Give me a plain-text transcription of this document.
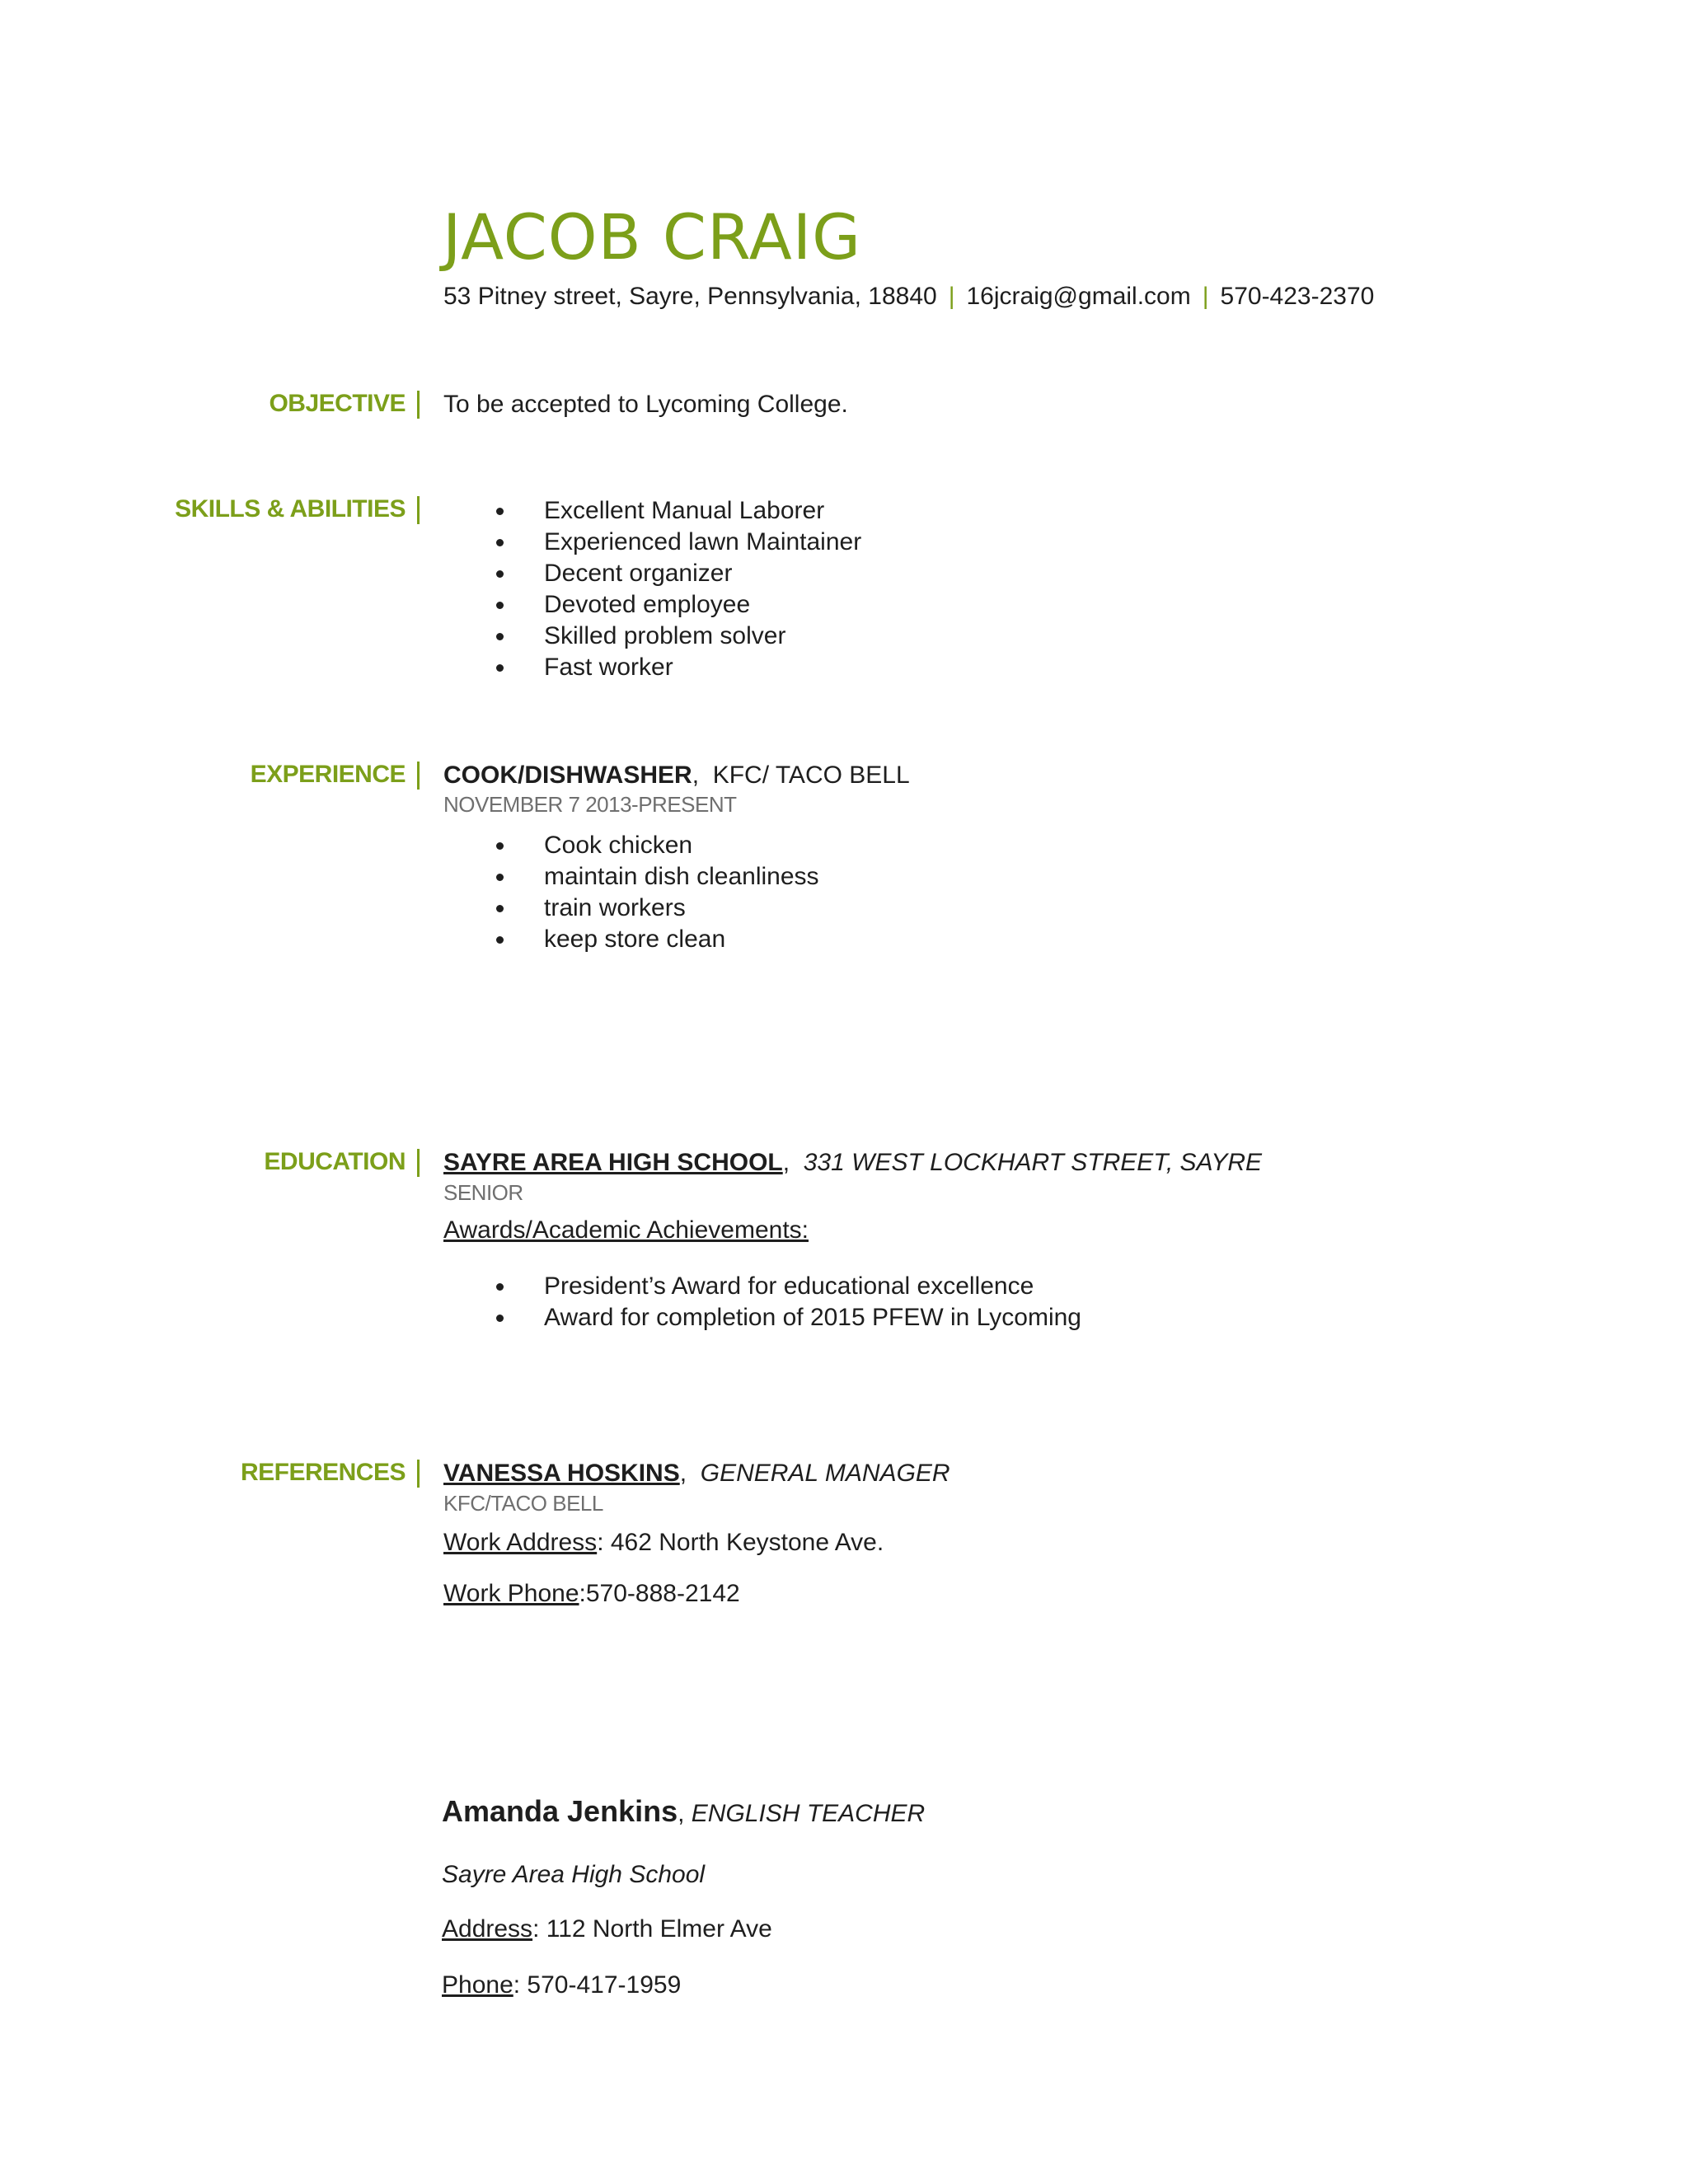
JACOB CRAIG
53 Pitney street, Sayre, Pennsylvania, 18840 | 16jcraig@gmail.com | 570-423-2370
OBJECTIVE To be accepted to Lycoming College.
SKILLS & ABILITIES	Excellent Manual Laborer
Experienced lawn Maintainer
Decent organizer
Devoted employee
Skilled problem solver
Fast worker
EXPERIENCE COOK/DISHWASHER,  KFC/ TACO BELL
NOVEMBER 7 2013-PRESENT
Cook chicken
maintain dish cleanliness
train workers
keep store clean
EDUCATION SAYRE AREA HIGH SCHOOL,  331 WEST LOCKHART STREET, SAYRE
SENIOR
Awards/Academic Achievements:
President’s Award for educational excellence
Award for completion of 2015 PFEW in Lycoming
REFERENCES VANESSA HOSKINS,  GENERAL MANAGER
KFC/TACO BELL
Work Address: 462 North Keystone Ave.
Work Phone:570-888-2142
Amanda Jenkins, ENGLISH TEACHER
Sayre Area High School
Address: 112 North Elmer Ave
Phone: 570-417-1959
